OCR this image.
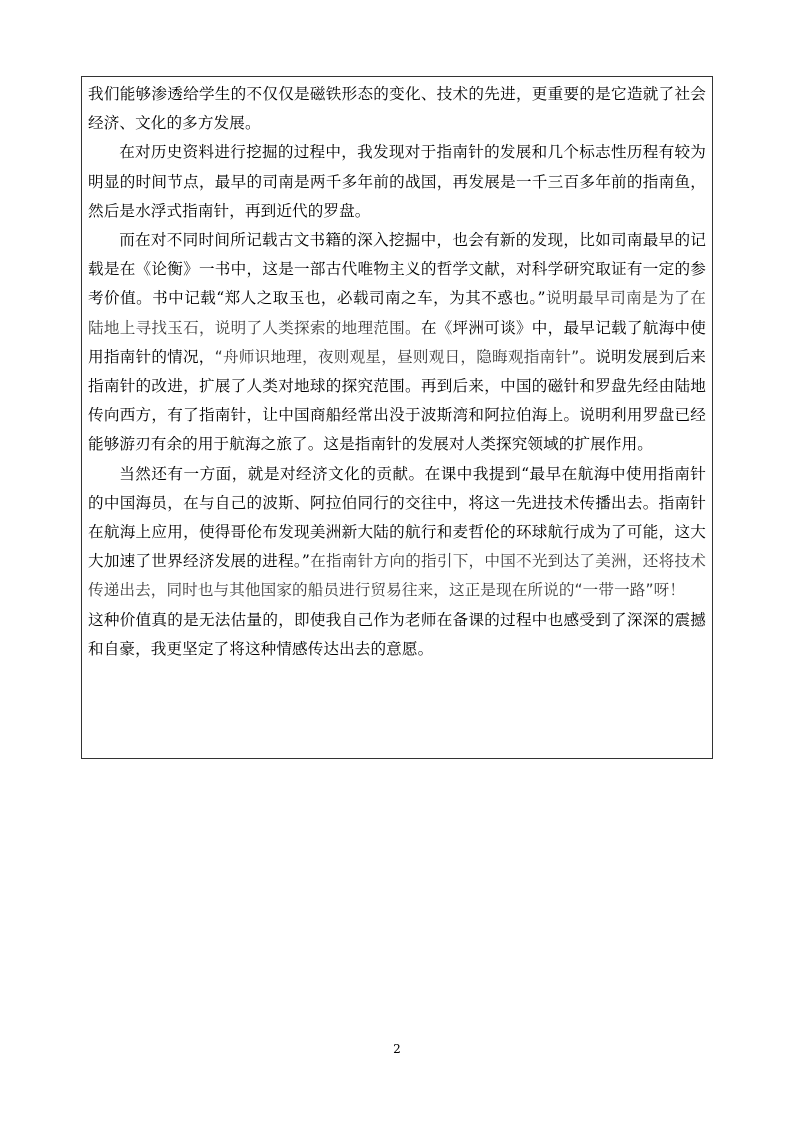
我们能够渗透给学生的不仅仅是磁铁形态的变化、技术的先进，更重要的是它造就了社会经济、文化的多方发展。

在对历史资料进行挖掘的过程中，我发现对于指南针的发展和几个标志性历程有较为明显的时间节点，最早的司南是两千多年前的战国，再发展是一千三百多年前的指南鱼，然后是水浮式指南针，再到近代的罗盘。

而在对不同时间所记载古文书籍的深入挖掘中，也会有新的发现，比如司南最早的记载是在《论衡》一书中，这是一部古代唯物主义的哲学文献，对科学研究取证有一定的参考价值。书中记载“郑人之取玉也，必载司南之车，为其不惑也。”说明最早司南是为了在陆地上寻找玉石，说明了人类探索的地理范围。在《坪洲可谈》中，最早记载了航海中使用指南针的情况，“舟师识地理，夜则观星，昼则观日，隐晦观指南针”。说明发展到后来指南针的改进，扩展了人类对地球的探究范围。再到后来，中国的磁针和罗盘先经由陆地传向西方，有了指南针，让中国商船经常出没于波斯湾和阿拉伯海上。说明利用罗盘已经能够游刃有余的用于航海之旅了。这是指南针的发展对人类探究领域的扩展作用。

当然还有一方面，就是对经济文化的贡献。在课中我提到“最早在航海中使用指南针的中国海员，在与自己的波斯、阿拉伯同行的交往中，将这一先进技术传播出去。指南针在航海上应用，使得哥伦布发现美洲新大陆的航行和麦哲伦的环球航行成为了可能，这大大加速了世界经济发展的进程。”在指南针方向的指引下，中国不光到达了美洲，还将技术传递出去，同时也与其他国家的船员进行贸易往来，这正是现在所说的“一带一路”呀！

这种价值真的是无法估量的，即使我自己作为老师在备课的过程中也感受到了深深的震撼和自豪，我更坚定了将这种情感传达出去的意愿。

2
